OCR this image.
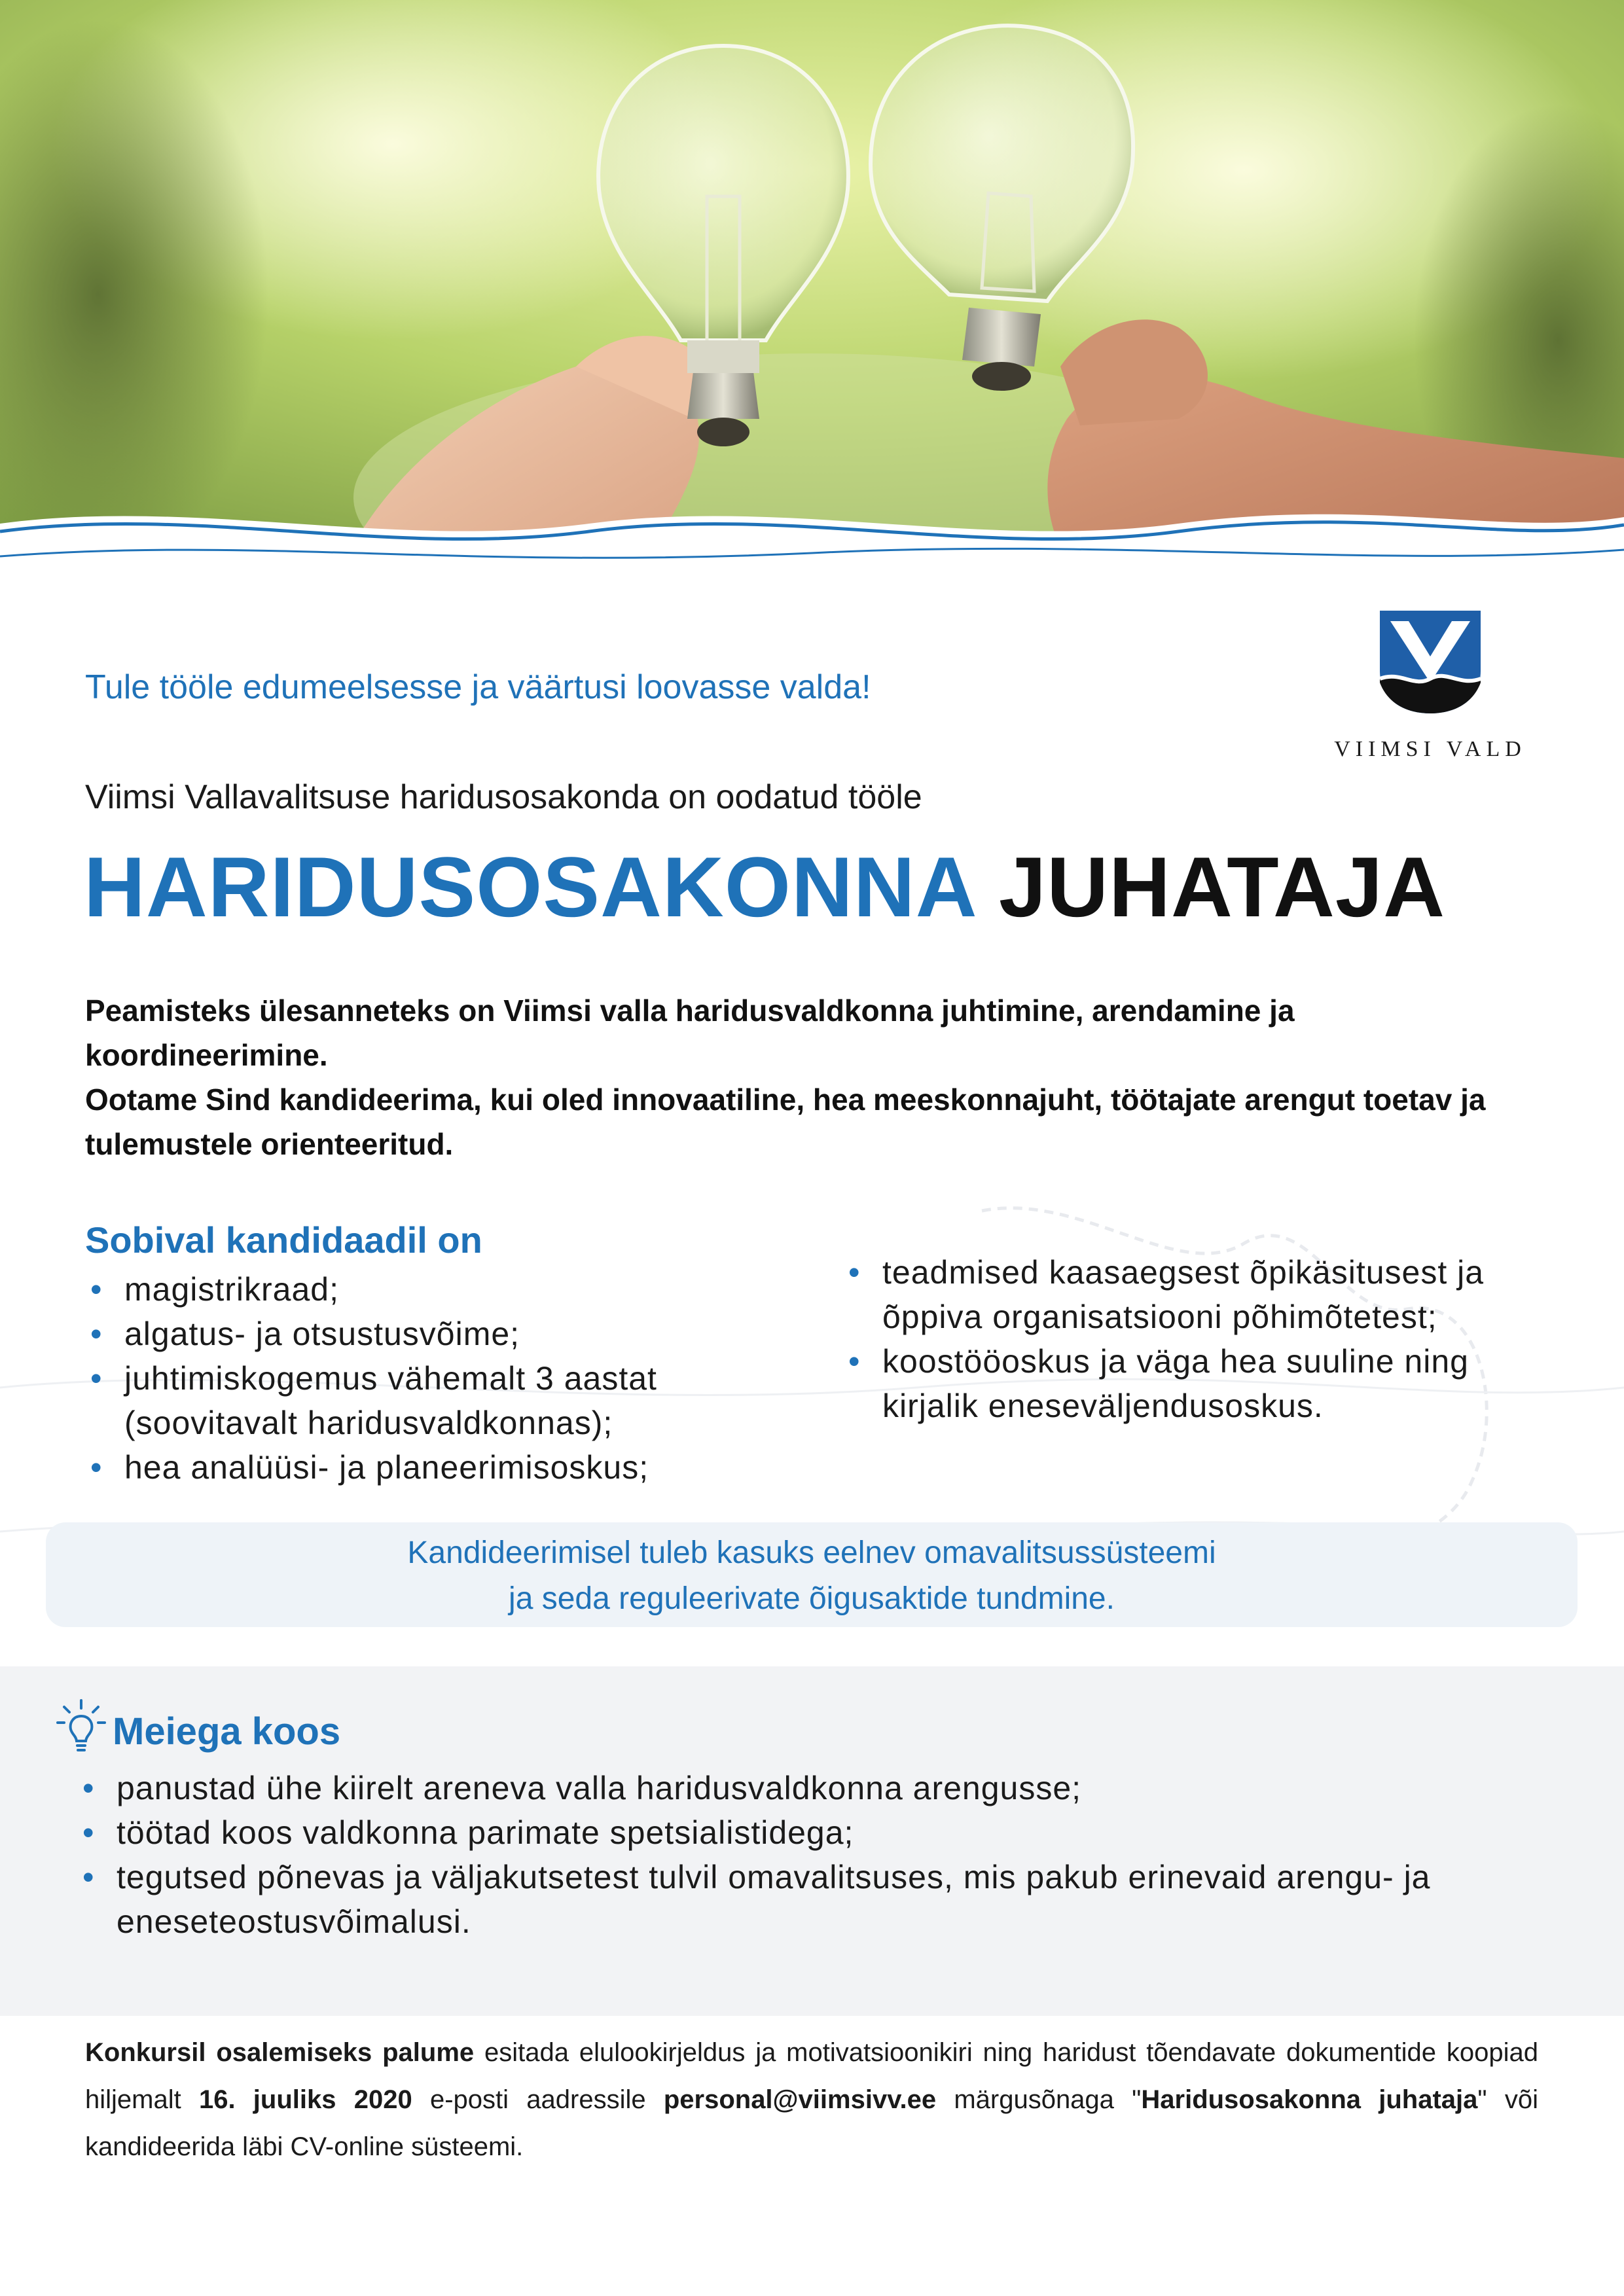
VIIMSI VALD
Tule tööle edumeelsesse ja väärtusi loovasse valda!
Viimsi Vallavalitsuse haridusosakonda on oodatud tööle
HARIDUSOSAKONNA JUHATAJA

Peamisteks ülesanneteks on Viimsi valla haridusvaldkonna juhtimine, arendamine ja koordineerimine.

Ootame Sind kandideerima, kui oled innovaatiline, hea meeskonnajuht, töötajate arengut toetav ja tulemustele orienteeritud.

Sobival kandidaadil on
• magistrikraad;
• algatus- ja otsustusvõime;
• juhtimiskogemus vähemalt 3 aastat (soovitavalt haridusvaldkonnas);
• hea analüüsi- ja planeerimisoskus;
• teadmised kaasaegsest õpikäsitusest ja õppiva organisatsiooni põhimõtetest;
• koostööoskus ja väga hea suuline ning kirjalik eneseväljendusoskus.
Kandideerimisel tuleb kasuks eelnev omavalitsussüsteemi
ja seda reguleerivate õigusaktide tundmine.
Meiega koos
• panustad ühe kiirelt areneva valla haridusvaldkonna arengusse;
• töötad koos valdkonna parimate spetsialistidega;
• tegutsed põnevas ja väljakutsetest tulvil omavalitsuses, mis pakub erinevaid arengu- ja
eneseteostusvõimalusi.
Konkursil osalemiseks palume esitada elulookirjeldus ja motivatsioonikiri ning haridust tõendavate dokumentide koopiad hiljemalt 16. juuliks 2020 e-posti aadressile personal@viimsivv.ee märgusõnaga "Haridusosakonna juhataja" või kandideerida läbi CV-online süsteemi.
